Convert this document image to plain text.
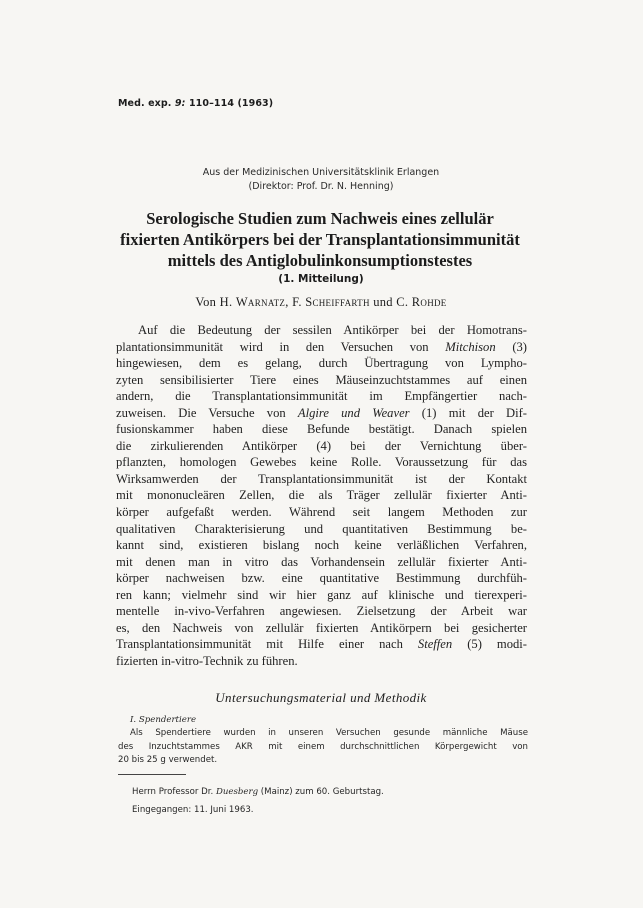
Med. exp. 9: 110–114 (1963)
Aus der Medizinischen Universitätsklinik Erlangen
(Direktor: Prof. Dr. N. Henning)
Serologische Studien zum Nachweis eines zellulär
fixierten Antikörpers bei der Transplantationsimmunität
mittels des Antiglobulinkonsumptionstestes
(1. Mitteilung)
Von H. Warnatz, F. Scheiffarth und C. Rohde
Auf die Bedeutung der sessilen Antikörper bei der Homotrans-
plantationsimmunität wird in den Versuchen von Mitchison (3)
hingewiesen, dem es gelang, durch Übertragung von Lympho-
zyten sensibilisierter Tiere eines Mäuseinzuchtstammes auf einen
andern, die Transplantationsimmunität im Empfängertier nach-
zuweisen. Die Versuche von Algire und Weaver (1) mit der Dif-
fusionskammer haben diese Befunde bestätigt. Danach spielen
die zirkulierenden Antikörper (4) bei der Vernichtung über-
pflanzten, homologen Gewebes keine Rolle. Voraussetzung für das
Wirksamwerden der Transplantationsimmunität ist der Kontakt
mit mononucleären Zellen, die als Träger zellulär fixierter Anti-
körper aufgefaßt werden. Während seit langem Methoden zur
qualitativen Charakterisierung und quantitativen Bestimmung be-
kannt sind, existieren bislang noch keine verläßlichen Verfahren,
mit denen man in vitro das Vorhandensein zellulär fixierter Anti-
körper nachweisen bzw. eine quantitative Bestimmung durchfüh-
ren kann; vielmehr sind wir hier ganz auf klinische und tierexperi-
mentelle in-vivo-Verfahren angewiesen. Zielsetzung der Arbeit war
es, den Nachweis von zellulär fixierten Antikörpern bei gesicherter
Transplantationsimmunität mit Hilfe einer nach Steffen (5) modi-
fizierten in-vitro-Technik zu führen.
Untersuchungsmaterial und Methodik
I. Spendertiere
Als Spendertiere wurden in unseren Versuchen gesunde männliche Mäuse
des Inzuchtstammes AKR mit einem durchschnittlichen Körpergewicht von
20 bis 25 g verwendet.
Herrn Professor Dr. Duesberg (Mainz) zum 60. Geburtstag.
Eingegangen: 11. Juni 1963.
